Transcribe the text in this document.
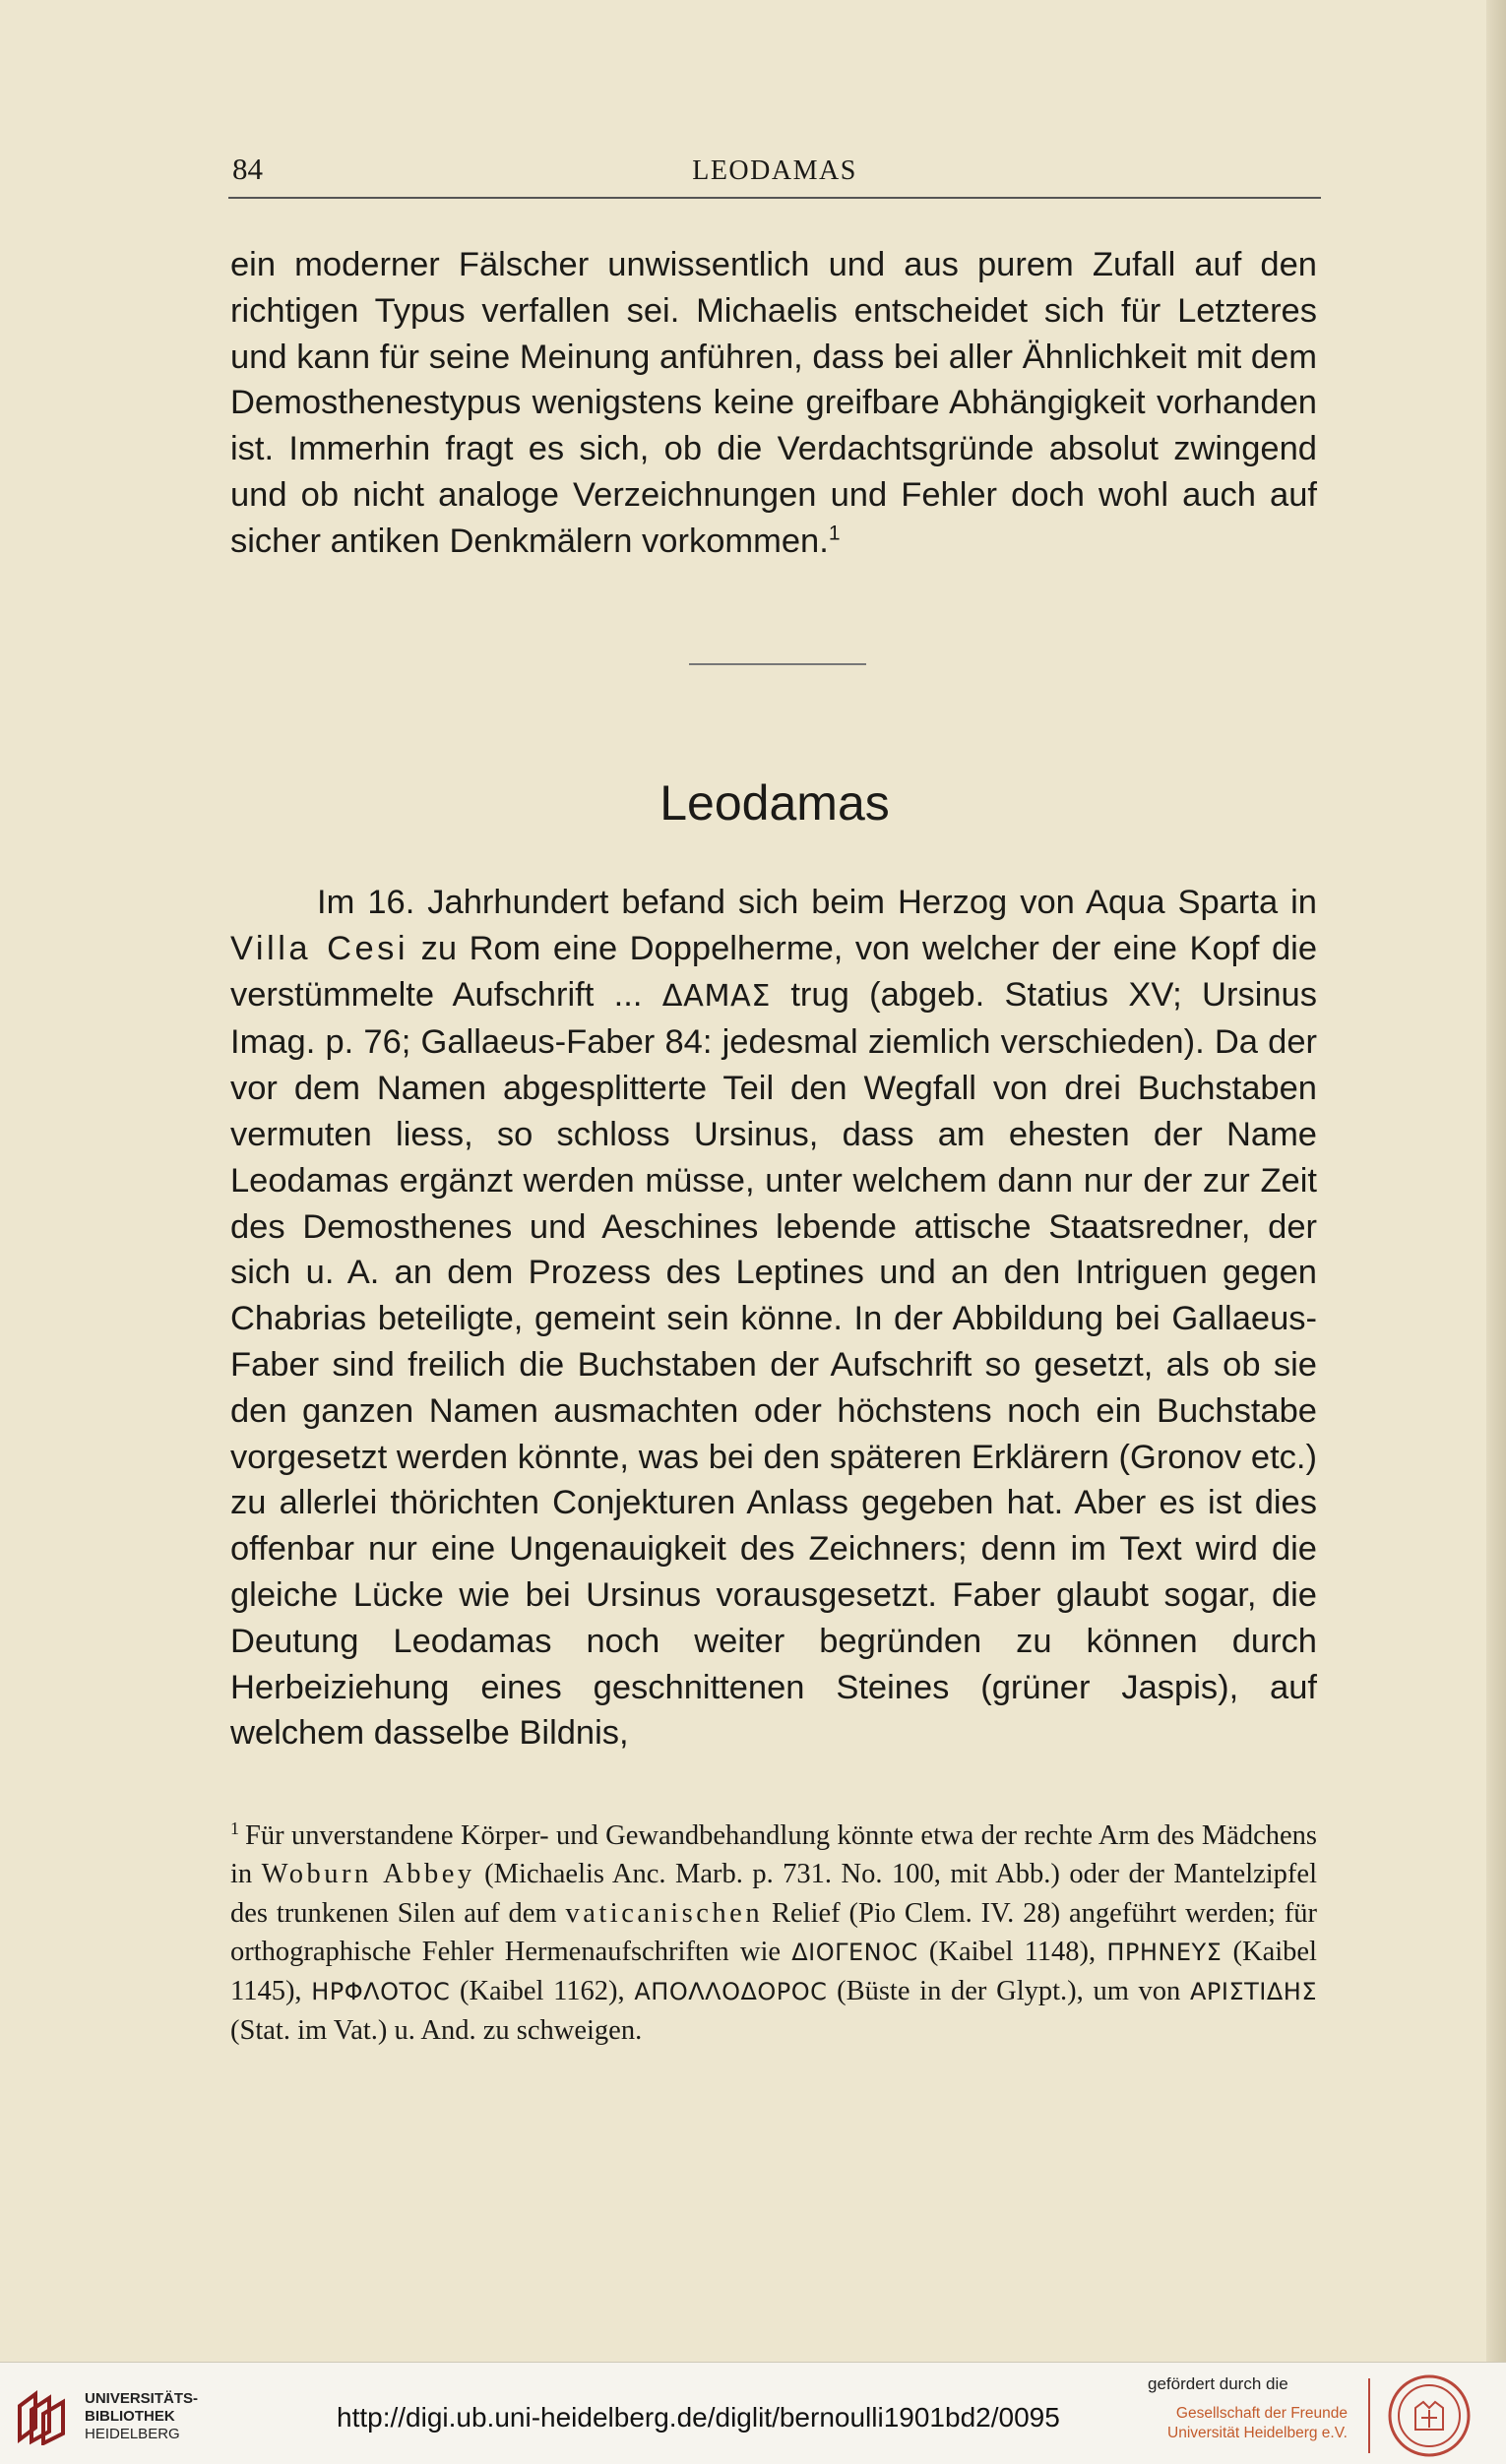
84	LEODAMAS

ein moderner Fälscher unwissentlich und aus purem Zufall auf den richtigen Typus verfallen sei. Michaelis entscheidet sich für Letzteres und kann für seine Meinung anführen, dass bei aller Ähnlichkeit mit dem Demosthenestypus wenigstens keine greifbare Abhängigkeit vorhanden ist. Immerhin fragt es sich, ob die Verdachtsgründe absolut zwingend und ob nicht analoge Verzeichnungen und Fehler doch wohl auch auf sicher antiken Denkmälern vorkommen.$^1$

Leodamas

Im 16. Jahrhundert befand sich beim Herzog von Aqua Sparta in Villa Cesi zu Rom eine Doppelherme, von welcher der eine Kopf die verstümmelte Aufschrift ... ΔΑΜΑΣ trug (abgeb. Statius XV; Ursinus Imag. p. 76; Gallaeus-Faber 84: jedesmal ziemlich verschieden). Da der vor dem Namen abgesplitterte Teil den Wegfall von drei Buchstaben vermuten liess, so schloss Ursinus, dass am ehesten der Name Leodamas ergänzt werden müsse, unter welchem dann nur der zur Zeit des Demosthenes und Aeschines lebende attische Staatsredner, der sich u. A. an dem Prozess des Leptines und an den Intriguen gegen Chabrias beteiligte, gemeint sein könne. In der Abbildung bei Gallaeus-Faber sind freilich die Buchstaben der Aufschrift so gesetzt, als ob sie den ganzen Namen ausmachten oder höchstens noch ein Buchstabe vorgesetzt werden könnte, was bei den späteren Erklärern (Gronov etc.) zu allerlei thörichten Conjekturen Anlass gegeben hat. Aber es ist dies offenbar nur eine Ungenauigkeit des Zeichners; denn im Text wird die gleiche Lücke wie bei Ursinus vorausgesetzt. Faber glaubt sogar, die Deutung Leodamas noch weiter begründen zu können durch Herbeiziehung eines geschnittenen Steines (grüner Jaspis), auf welchem dasselbe Bildnis,

$^1$ Für unverstandene Körper- und Gewandbehandlung könnte etwa der rechte Arm des Mädchens in Woburn Abbey (Michaelis Anc. Marb. p. 731. No. 100, mit Abb.) oder der Mantelzipfel des trunkenen Silen auf dem vaticanischen Relief (Pio Clem. IV. 28) angeführt werden; für orthographische Fehler Hermenaufschriften wie ΔΙΟΓΕΝΟϹ (Kaibel 1148), ΠΡΗΝΕΥΣ (Kaibel 1145), ΗΡΦΛΟΤΟϹ (Kaibel 1162), ΑΠΟΛΛΟΔΟΡΟϹ (Büste in der Glypt.), um von ΑΡΙΣΤΙΔΗΣ (Stat. im Vat.) u. And. zu schweigen.

UNIVERSITÄTS-
BIBLIOTHEK
HEIDELBERG
http://digi.ub.uni-heidelberg.de/diglit/bernoulli1901bd2/0095
gefördert durch die
Gesellschaft der Freunde
Universität Heidelberg e.V.
